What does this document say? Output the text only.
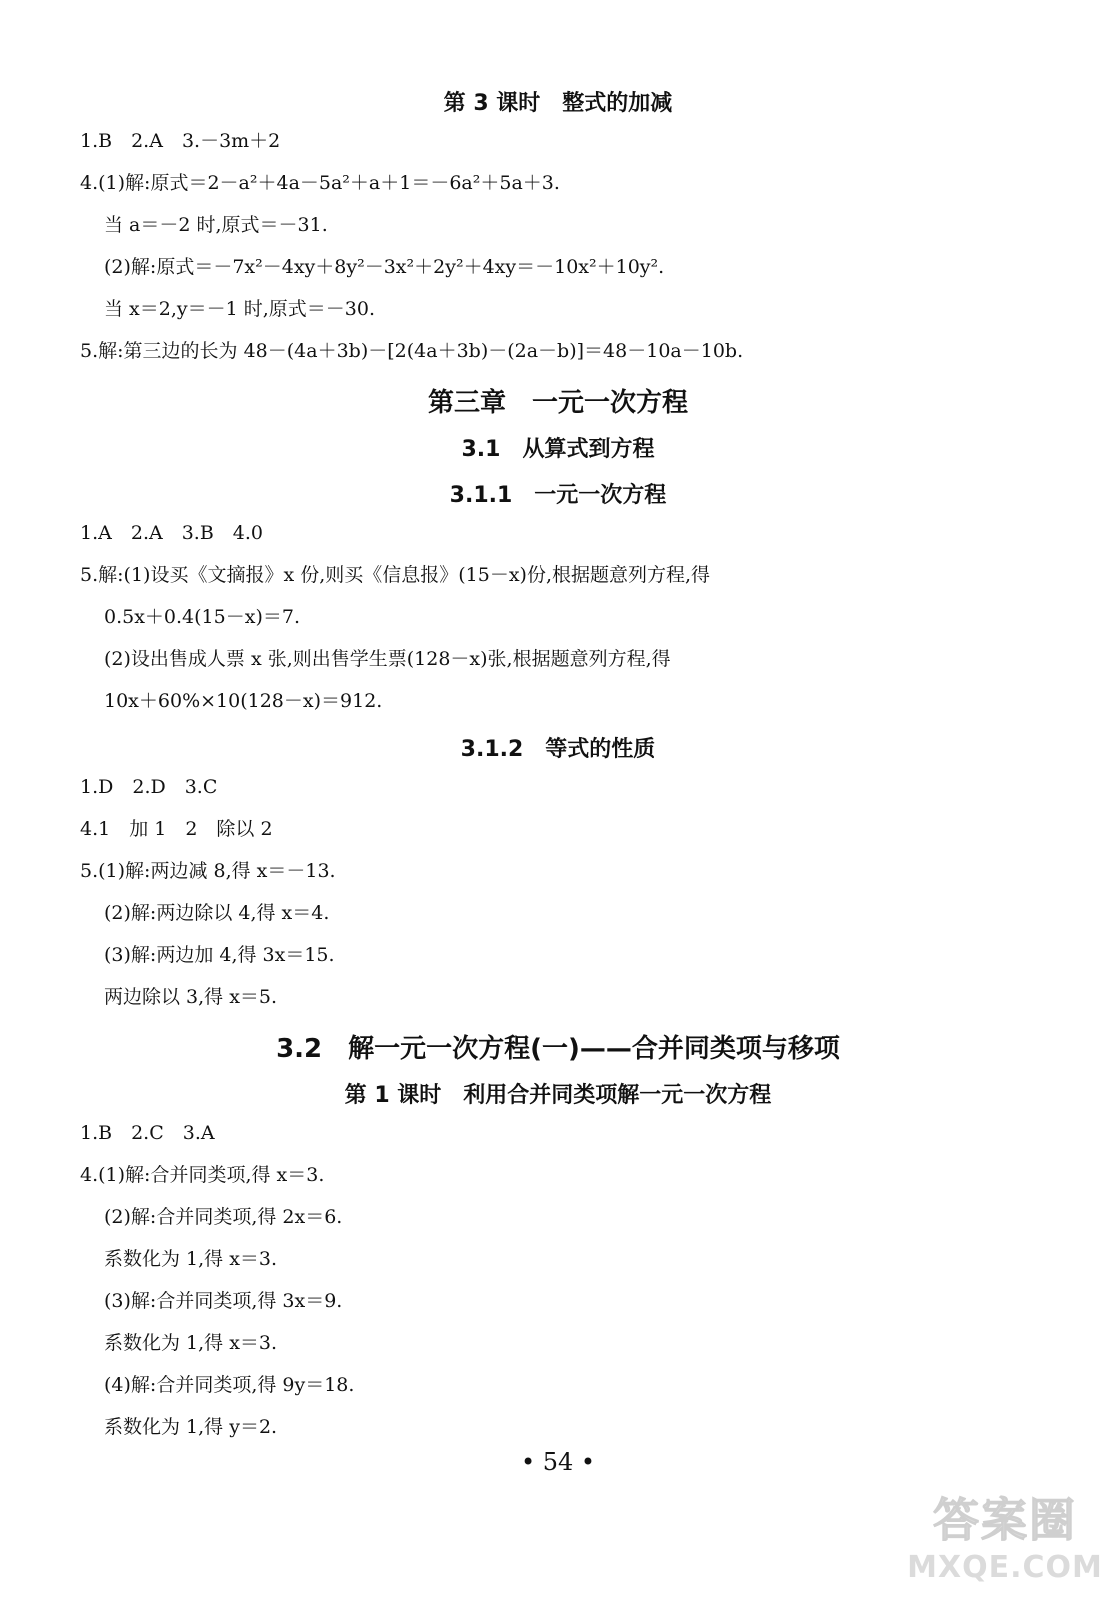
第 3 课时　整式的加减
1.B　2.A　3.－3m＋2
4.(1)解:原式＝2－a²＋4a－5a²＋a＋1＝－6a²＋5a＋3.
当 a＝－2 时,原式＝－31.
(2)解:原式＝－7x²－4xy＋8y²－3x²＋2y²＋4xy＝－10x²＋10y².
当 x＝2,y＝－1 时,原式＝－30.
5.解:第三边的长为 48－(4a＋3b)－[2(4a＋3b)－(2a－b)]＝48－10a－10b.
第三章　一元一次方程
3.1　从算式到方程
3.1.1　一元一次方程
1.A　2.A　3.B　4.0
5.解:(1)设买《文摘报》x 份,则买《信息报》(15－x)份,根据题意列方程,得
0.5x＋0.4(15－x)＝7.
(2)设出售成人票 x 张,则出售学生票(128－x)张,根据题意列方程,得
10x＋60%×10(128－x)＝912.
3.1.2　等式的性质
1.D　2.D　3.C
4.1　加 1　2　除以 2
5.(1)解:两边减 8,得 x＝－13.
(2)解:两边除以 4,得 x＝4.
(3)解:两边加 4,得 3x＝15.
两边除以 3,得 x＝5.
3.2　解一元一次方程(一)——合并同类项与移项
第 1 课时　利用合并同类项解一元一次方程
1.B　2.C　3.A
4.(1)解:合并同类项,得 x＝3.
(2)解:合并同类项,得 2x＝6.
系数化为 1,得 x＝3.
(3)解:合并同类项,得 3x＝9.
系数化为 1,得 x＝3.
(4)解:合并同类项,得 9y＝18.
系数化为 1,得 y＝2.
• 54 •
答案圈
MXQE.COM
